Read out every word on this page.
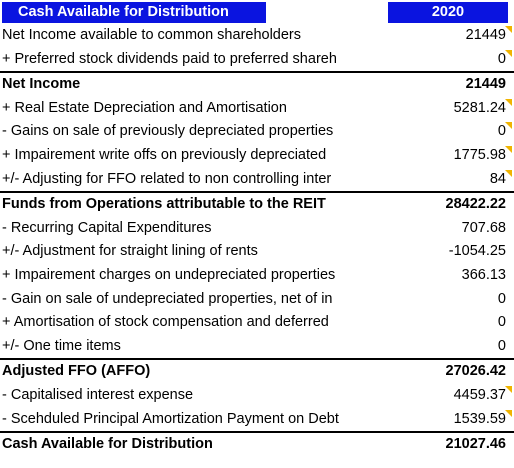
Cash Available for Distribution	2020
Net Income available to common shareholders	21449
+ Preferred stock dividends paid to preferred shareh	0
Net Income	21449
+ Real Estate Depreciation and Amortisation	5281.24
- Gains on sale of previously depreciated properties	0
+ Impairement write offs on previously depreciated	1775.98
+/- Adjusting for FFO related to non controlling inter	84
Funds from Operations attributable to the REIT	28422.22
- Recurring Capital Expenditures	707.68
+/- Adjustment for straight lining of rents	-1054.25
+ Impairement charges on undepreciated properties	366.13
- Gain on sale of undepreciated properties, net of in	0
+ Amortisation of stock compensation and deferred	0
+/- One time items	0
Adjusted FFO (AFFO)	27026.42
- Capitalised interest expense	4459.37
- Scehduled Principal Amortization Payment on Debt	1539.59
Cash Available for Distribution	21027.46
